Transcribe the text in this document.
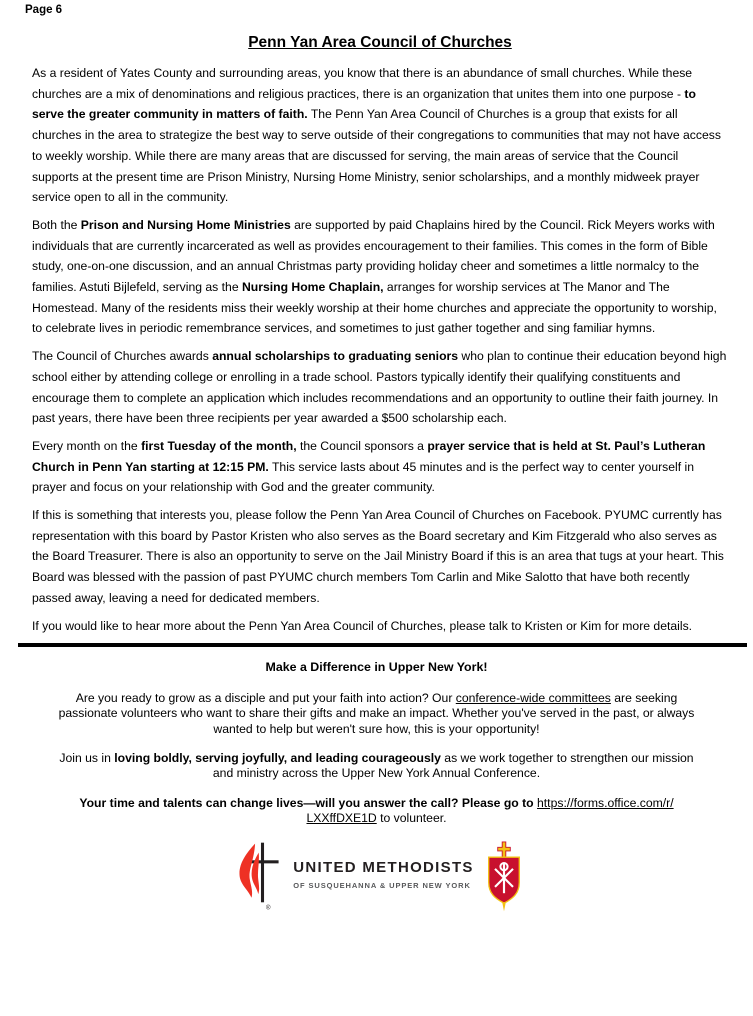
Page 6
Penn Yan Area Council of Churches

As a resident of Yates County and surrounding areas, you know that there is an abundance of small churches. While these churches are a mix of denominations and religious practices, there is an organization that unites them into one purpose - to serve the greater community in matters of faith. The Penn Yan Area Council of Churches is a group that exists for all churches in the area to strategize the best way to serve outside of their congregations to communities that may not have access to weekly worship. While there are many areas that are discussed for serving, the main areas of service that the Council supports at the present time are Prison Ministry, Nursing Home Ministry, senior scholarships, and a monthly midweek prayer service open to all in the community.

Both the Prison and Nursing Home Ministries are supported by paid Chaplains hired by the Council. Rick Meyers works with individuals that are currently incarcerated as well as provides encouragement to their families. This comes in the form of Bible study, one-on-one discussion, and an annual Christmas party providing holiday cheer and sometimes a little normalcy to the families. Astuti Bijlefeld, serving as the Nursing Home Chaplain, arranges for worship services at The Manor and The Homestead. Many of the residents miss their weekly worship at their home churches and appreciate the opportunity to worship, to celebrate lives in periodic remembrance services, and sometimes to just gather together and sing familiar hymns.

The Council of Churches awards annual scholarships to graduating seniors who plan to continue their education beyond high school either by attending college or enrolling in a trade school. Pastors typically identify their qualifying constituents and encourage them to complete an application which includes recommendations and an opportunity to outline their faith journey. In past years, there have been three recipients per year awarded a $500 scholarship each.

Every month on the first Tuesday of the month, the Council sponsors a prayer service that is held at St. Paul’s Lutheran Church in Penn Yan starting at 12:15 PM. This service lasts about 45 minutes and is the perfect way to center yourself in prayer and focus on your relationship with God and the greater community.

If this is something that interests you, please follow the Penn Yan Area Council of Churches on Facebook. PYUMC currently has representation with this board by Pastor Kristen who also serves as the Board secretary and Kim Fitzgerald who also serves as the Board Treasurer. There is also an opportunity to serve on the Jail Ministry Board if this is an area that tugs at your heart. This Board was blessed with the passion of past PYUMC church members Tom Carlin and Mike Salotto that have both recently passed away, leaving a need for dedicated members.

If you would like to hear more about the Penn Yan Area Council of Churches, please talk to Kristen or Kim for more details.

Make a Difference in Upper New York!

Are you ready to grow as a disciple and put your faith into action? Our conference-wide committees are seeking
passionate volunteers who want to share their gifts and make an impact. Whether you've served in the past, or always
wanted to help but weren't sure how, this is your opportunity!

Join us in loving boldly, serving joyfully, and leading courageously as we work together to strengthen our mission
and ministry across the Upper New York Annual Conference.

Your time and talents can change lives—will you answer the call? Please go to https://forms.office.com/r/
LXXffDXE1D to volunteer.

®
UNITED METHODISTS
OF SUSQUEHANNA & UPPER NEW YORK
